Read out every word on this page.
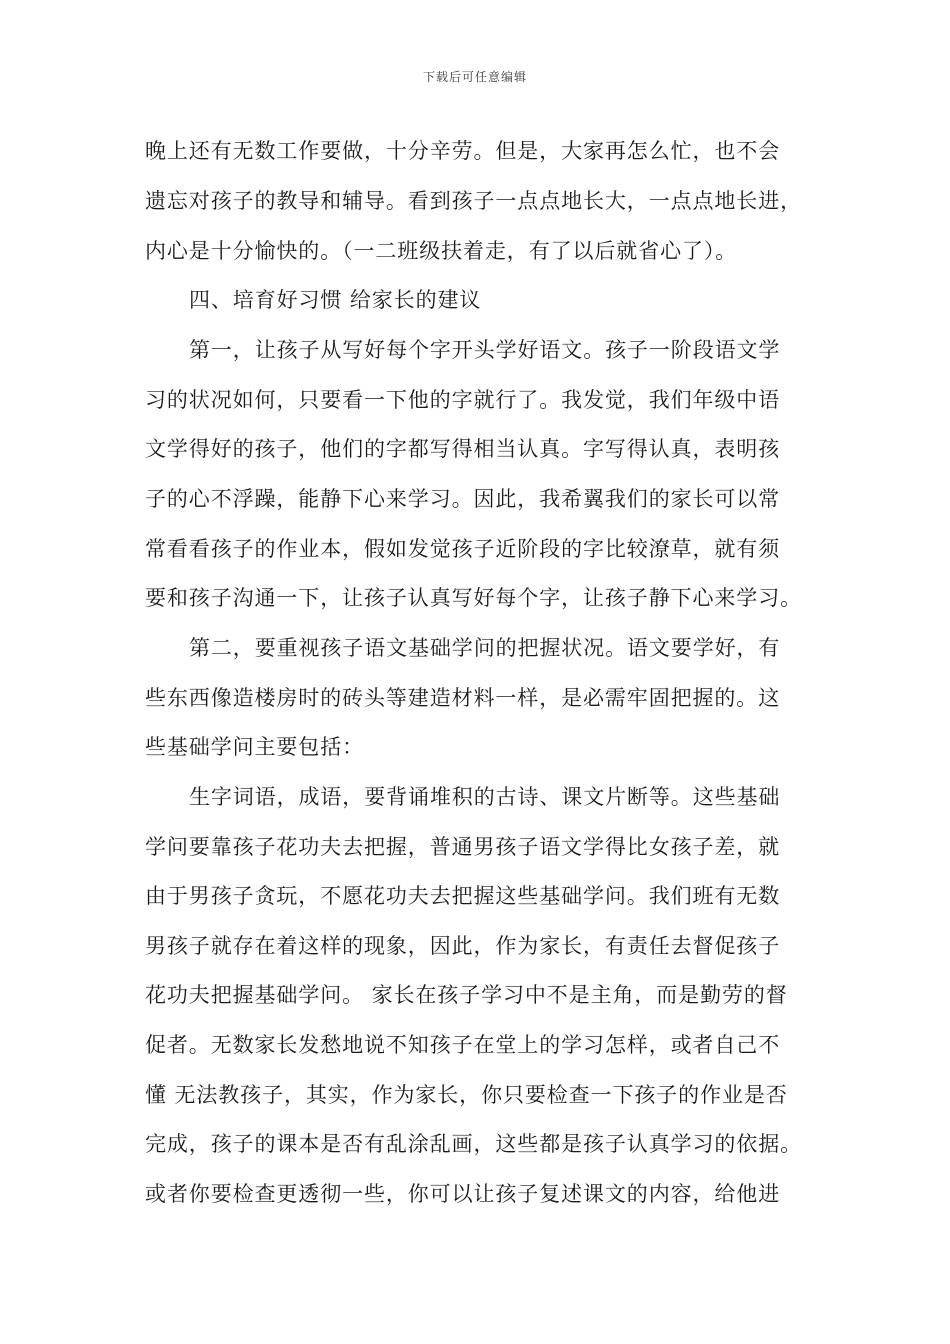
下载后可任意编辑
晚上还有无数工作要做，十分辛劳。但是，大家再怎么忙，也不会
遗忘对孩子的教导和辅导。看到孩子一点点地长大，一点点地长进，
内心是十分愉快的。（一二班级扶着走，有了以后就省心了）。
四、培育好习惯 给家长的建议
第一，让孩子从写好每个字开头学好语文。孩子一阶段语文学
习的状况如何，只要看一下他的字就行了。我发觉，我们年级中语
文学得好的孩子，他们的字都写得相当认真。字写得认真，表明孩
子的心不浮躁，能静下心来学习。因此，我希翼我们的家长可以常
常看看孩子的作业本，假如发觉孩子近阶段的字比较潦草，就有须
要和孩子沟通一下，让孩子认真写好每个字，让孩子静下心来学习。
第二，要重视孩子语文基础学问的把握状况。语文要学好，有
些东西像造楼房时的砖头等建造材料一样，是必需牢固把握的。这
些基础学问主要包括：
生字词语，成语，要背诵堆积的古诗、课文片断等。这些基础
学问要靠孩子花功夫去把握，普通男孩子语文学得比女孩子差，就
由于男孩子贪玩，不愿花功夫去把握这些基础学问。我们班有无数
男孩子就存在着这样的现象，因此，作为家长，有责任去督促孩子
花功夫把握基础学问。 家长在孩子学习中不是主角，而是勤劳的督
促者。无数家长发愁地说不知孩子在堂上的学习怎样，或者自己不
懂 无法教孩子，其实，作为家长，你只要检查一下孩子的作业是否
完成，孩子的课本是否有乱涂乱画，这些都是孩子认真学习的依据。
或者你要检查更透彻一些，你可以让孩子复述课文的内容，给他进
